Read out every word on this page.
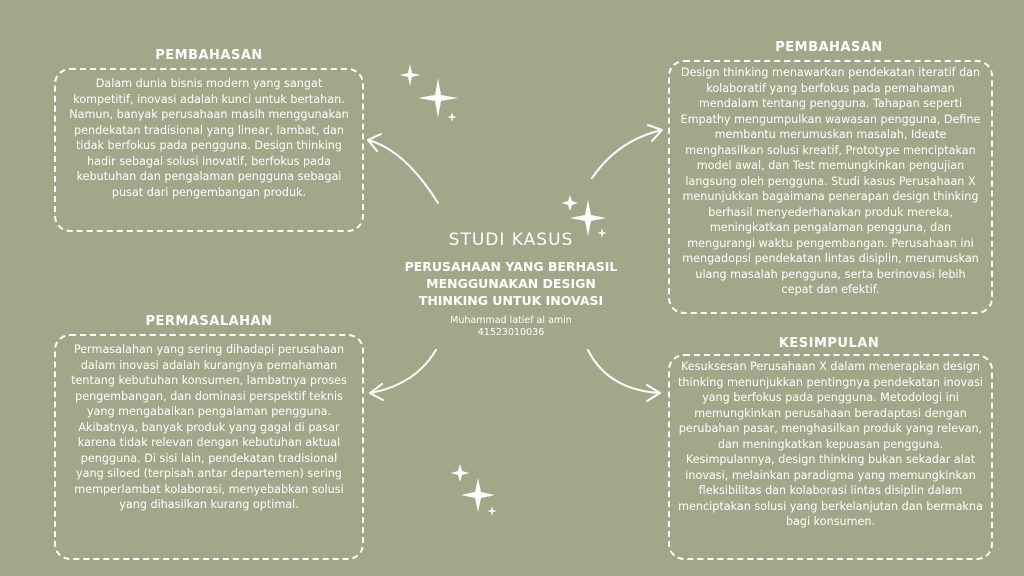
PEMBAHASAN
Dalam dunia bisnis modern yang sangat kompetitif, inovasi adalah kunci untuk bertahan. Namun, banyak perusahaan masih menggunakan pendekatan tradisional yang linear, lambat, dan tidak berfokus pada pengguna. Design thinking hadir sebagai solusi inovatif, berfokus pada kebutuhan dan pengalaman pengguna sebagai pusat dari pengembangan produk.
PEMBAHASAN
Design thinking menawarkan pendekatan iteratif dan kolaboratif yang berfokus pada pemahaman mendalam tentang pengguna. Tahapan seperti Empathy mengumpulkan wawasan pengguna, Define membantu merumuskan masalah, Ideate menghasilkan solusi kreatif, Prototype menciptakan model awal, dan Test memungkinkan pengujian langsung oleh pengguna. Studi kasus Perusahaan X menunjukkan bagaimana penerapan design thinking berhasil menyederhanakan produk mereka, meningkatkan pengalaman pengguna, dan mengurangi waktu pengembangan. Perusahaan ini mengadopsi pendekatan lintas disiplin, merumuskan ulang masalah pengguna, serta berinovasi lebih cepat dan efektif.
PERMASALAHAN
Permasalahan yang sering dihadapi perusahaan dalam inovasi adalah kurangnya pemahaman tentang kebutuhan konsumen, lambatnya proses pengembangan, dan dominasi perspektif teknis yang mengabaikan pengalaman pengguna. Akibatnya, banyak produk yang gagal di pasar karena tidak relevan dengan kebutuhan aktual pengguna. Di sisi lain, pendekatan tradisional yang siloed (terpisah antar departemen) sering memperlambat kolaborasi, menyebabkan solusi yang dihasilkan kurang optimal.
KESIMPULAN
Kesuksesan Perusahaan X dalam menerapkan design thinking menunjukkan pentingnya pendekatan inovasi yang berfokus pada pengguna. Metodologi ini memungkinkan perusahaan beradaptasi dengan perubahan pasar, menghasilkan produk yang relevan, dan meningkatkan kepuasan pengguna. Kesimpulannya, design thinking bukan sekadar alat inovasi, melainkan paradigma yang memungkinkan fleksibilitas dan kolaborasi lintas disiplin dalam menciptakan solusi yang berkelanjutan dan bermakna bagi konsumen.
STUDI KASUS
PERUSAHAAN YANG BERHASIL MENGGUNAKAN DESIGN THINKING UNTUK INOVASI
Muhammad latief al amin
41523010036
